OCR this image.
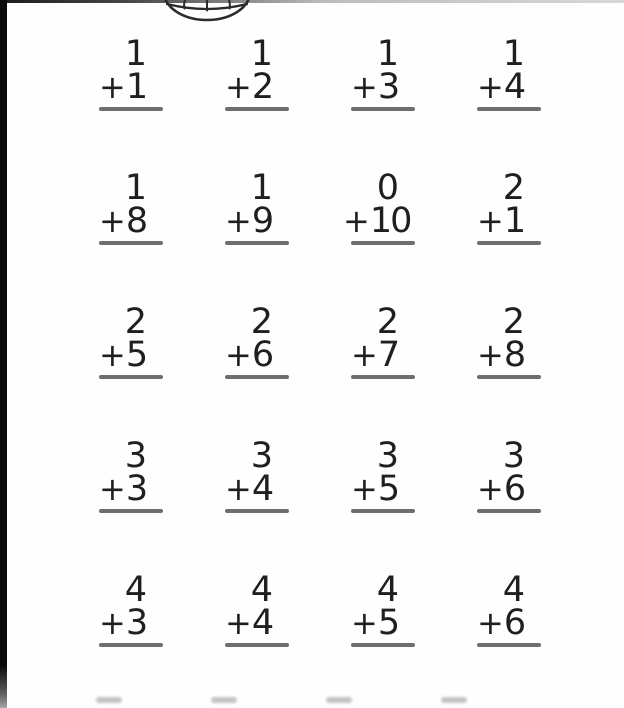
1
+ 1
1
+ 2
1
+ 3
1
+ 4
1
+ 8
1
+ 9
0
+ 10
2
+ 1
2
+ 5
2
+ 6
2
+ 7
2
+ 8
3
+ 3
3
+ 4
3
+ 5
3
+ 6
4
+ 3
4
+ 4
4
+ 5
4
+ 6
